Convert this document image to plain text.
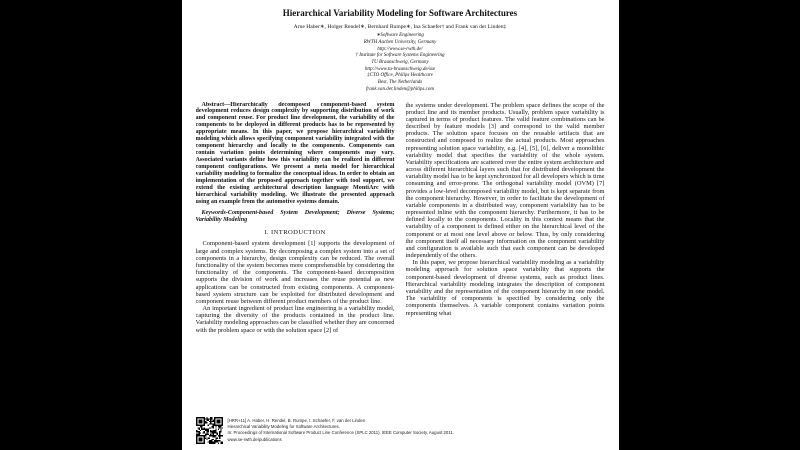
Hierarchical Variability Modeling for Software Architectures
Arne Haber∗, Holger Rendel∗, Bernhard Rumpe∗, Ina Schaefer† and Frank van der Linden‡
∗Software Engineering
RWTH Aachen University, Germany
http://www.se-rwth.de/
† Institute for Software Systems Engineering
TU Braunschweig, Germany
http://www.tu-braunschweig.de/sse
‡CTO Office, Philips Healthcare
Best, The Netherlands
frank.van.der.linden@philips.com

Abstract—Hierarchically decomposed component-based system development reduces design complexity by supporting distribution of work and component reuse. For product line development, the variability of the components to be deployed in different products has to be represented by appropriate means. In this paper, we propose hierarchical variability modeling which allows specifying component variability integrated with the component hierarchy and locally to the components. Components can contain variation points determining where components may vary. Associated variants define how this variability can be realized in different component configurations. We present a meta model for hierarchical variability modeling to formalize the conceptual ideas. In order to obtain an implementation of the proposed approach together with tool support, we extend the existing architectural description language MontiArc with hierarchical variability modeling. We illustrate the presented approach using an example from the automotive systems domain.

Keywords-Component-based System Development; Diverse Systems; Variability Modeling

I. INTRODUCTION

Component-based system development [1] supports the development of large and complex systems. By decomposing a complex system into a set of components in a hierarchy, design complexity can be reduced. The overall functionality of the system becomes more comprehensible by considering the functionality of the components. The component-based decomposition supports the division of work and increases the reuse potential as new applications can be constructed from existing components. A component-based system structure can be exploited for distributed development and component reuse between different product members of the product line.

An important ingredient of product line engineering is a variability model, capturing the diversity of the products contained in the product line. Variability modeling approaches can be classified whether they are concerned with the problem space or with the solution space [2] of

the systems under development. The problem space defines the scope of the product line and its member products. Usually, problem space variability is captured in terms of product features. The valid feature combinations can be described by feature models [3] and correspond to the valid member products. The solution space focuses on the reusable artifacts that are constructed and composed to realize the actual products. Most approaches representing solution space variability, e.g. [4], [5], [6], deliver a monolithic variability model that specifies the variability of the whole system. Variability specifications are scattered over the entire system architecture and across different hierarchical layers such that for distributed development the variability model has to be kept synchronized for all developers which is time consuming and error-prone. The orthogonal variability model (OVM) [7] provides a low-level decomposed variability model, but is kept separate from the component hierarchy. However, in order to facilitate the development of variable components in a distributed way, component variability has to be represented inline with the component hierarchy. Furthermore, it has to be defined locally to the components. Locality in this context means that the variability of a component is defined either on the hierarchical level of the component or at most one level above or below. Thus, by only considering the component itself all necessary information on the component variability and configuration is available such that each component can be developed independently of the others.

In this paper, we propose hierarchical variability modeling as a variability modeling approach for solution space variability that supports the component-based development of diverse systems, such as product lines. Hierarchical variability modeling integrates the description of component variability and the representation of the component hierarchy in one model. The variability of components is specified by considering only the components themselves. A variable component contains variation points representing what

[HRR+11] A. Haber, H. Rendel, B. Rumpe, I. Schaefer, F. van der Linden
Hierarchical Variability Modeling for Software Architectures.
In: Proceedings of International Software Product Line Conference (SPLC 2011). IEEE Computer Society, August 2011.
www.se-rwth.de/publications
